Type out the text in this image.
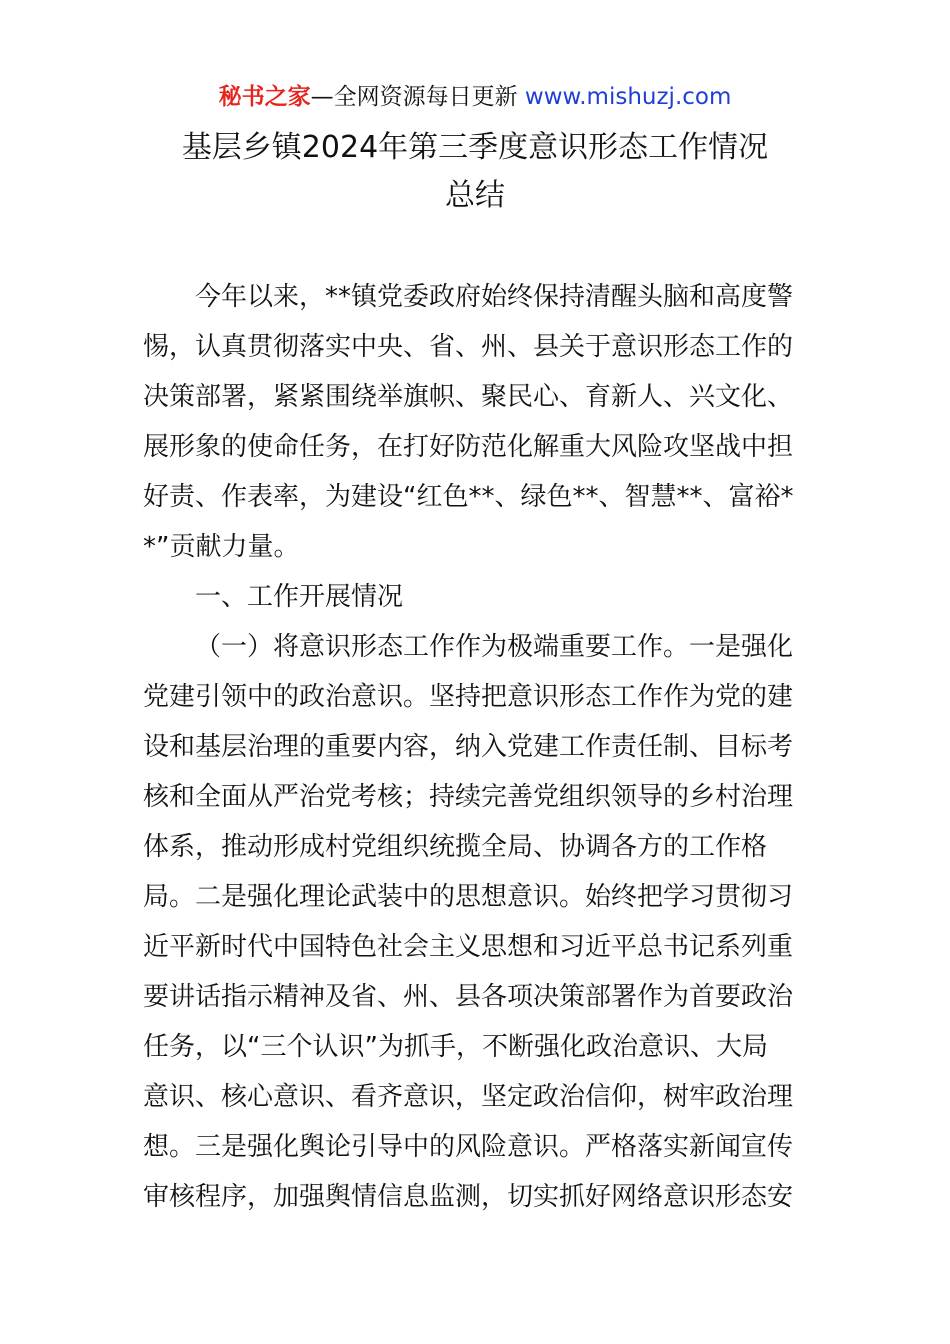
秘书之家—全网资源每日更新 www.mishuzj.com
基层乡镇2024年第三季度意识形态工作情况
总结
今年以来，**镇党委政府始终保持清醒头脑和高度警
惕，认真贯彻落实中央、省、州、县关于意识形态工作的
决策部署，紧紧围绕举旗帜、聚民心、育新人、兴文化、
展形象的使命任务，在打好防范化解重大风险攻坚战中担
好责、作表率，为建设“红色**、绿色**、智慧**、富裕*
*”贡献力量。
一、工作开展情况
（一）将意识形态工作作为极端重要工作。一是强化
党建引领中的政治意识。坚持把意识形态工作作为党的建
设和基层治理的重要内容，纳入党建工作责任制、目标考
核和全面从严治党考核；持续完善党组织领导的乡村治理
体系，推动形成村党组织统揽全局、协调各方的工作格
局。二是强化理论武装中的思想意识。始终把学习贯彻习
近平新时代中国特色社会主义思想和习近平总书记系列重
要讲话指示精神及省、州、县各项决策部署作为首要政治
任务，以“三个认识”为抓手，不断强化政治意识、大局
意识、核心意识、看齐意识，坚定政治信仰，树牢政治理
想。三是强化舆论引导中的风险意识。严格落实新闻宣传
审核程序，加强舆情信息监测，切实抓好网络意识形态安
